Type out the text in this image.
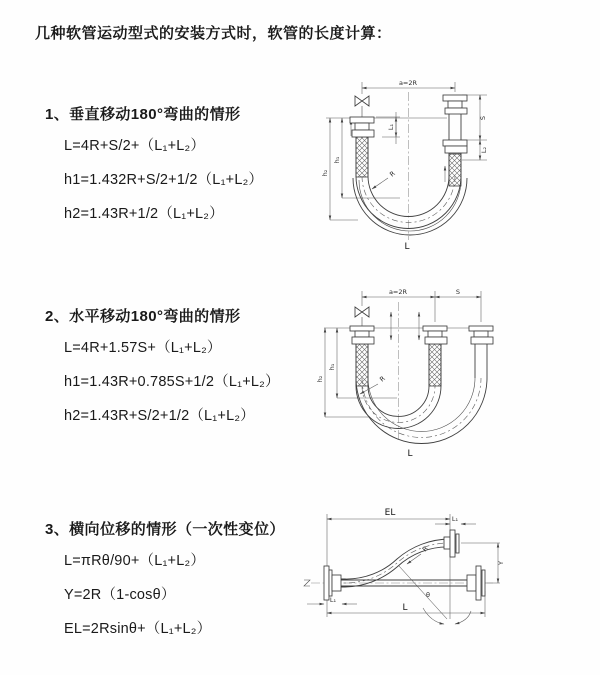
几种软管运动型式的安装方式时，软管的长度计算：
1、垂直移动180°弯曲的情形
L=4R+S/2+（L₁+L₂）
h1=1.432R+S/2+1/2（L₁+L₂）
h2=1.43R+1/2（L₁+L₂）
R
a=2R
h₁
h₂
L₁
S
L₂
L
2、水平移动180°弯曲的情形
L=4R+1.57S+（L₁+L₂）
h1=1.43R+0.785S+1/2（L₁+L₂）
h2=1.43R+S/2+1/2（L₁+L₂）
R
a=2R	S
h₁
h₂
L
3、横向位移的情形（一次性变位）
L=πRθ/90+（L₁+L₂）
Y=2R（1-cosθ）
EL=2Rsinθ+（L₁+L₂）
θ
R
EL
L₁
Y
L
L₁
